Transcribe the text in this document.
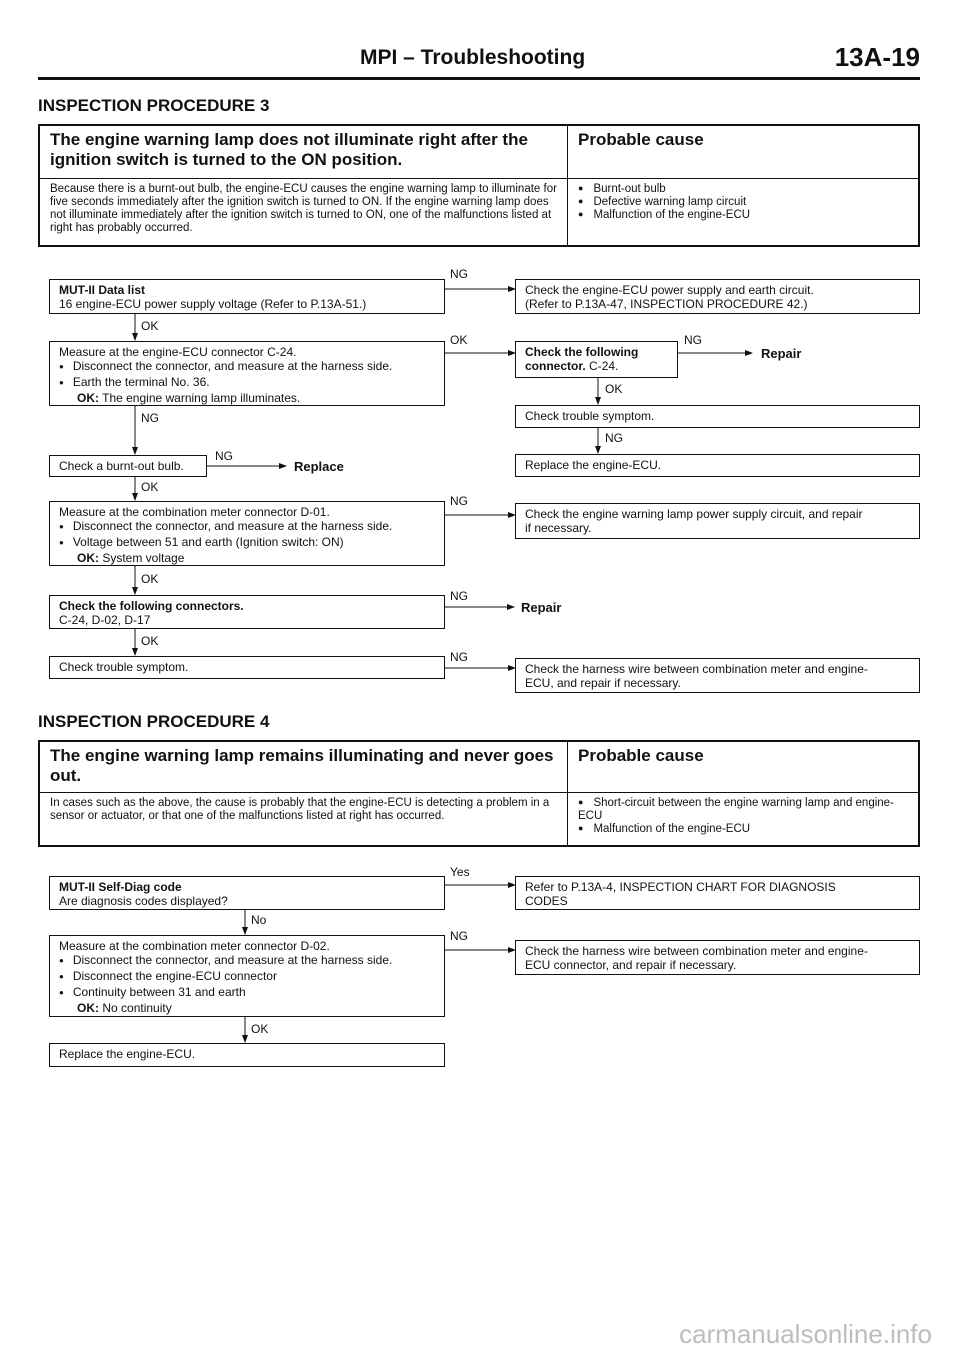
MPI – Troubleshooting	13A-19
INSPECTION PROCEDURE 3
The engine warning lamp does not illuminate right after the ignition switch is turned to the ON position.
Probable cause
Because there is a burnt-out bulb, the engine-ECU causes the engine warning lamp to illuminate for five seconds immediately after the ignition switch is turned to ON. If the engine warning lamp does not illuminate immediately after the ignition switch is turned to ON, one of the malfunctions listed at right has probably occurred.
● Burnt-out bulb
● Defective warning lamp circuit
● Malfunction of the engine-ECU
MUT-II Data list
16 engine-ECU power supply voltage (Refer to P.13A-51.)
NG
Check the engine-ECU power supply and earth circuit.
(Refer to P.13A-47, INSPECTION PROCEDURE 42.)
OK
Measure at the engine-ECU connector C-24.
● Disconnect the connector, and measure at the harness side.
● Earth the terminal No. 36.
OK: The engine warning lamp illuminates.
OK
Check the following
connector. C-24.
NG
Repair
OK
Check trouble symptom.
NG
Replace the engine-ECU.
NG
Check a burnt-out bulb.
NG
Replace
OK
Measure at the combination meter connector D-01.
● Disconnect the connector, and measure at the harness side.
● Voltage between 51 and earth (Ignition switch: ON)
OK: System voltage
NG
Check the engine warning lamp power supply circuit, and repair
if necessary.
OK
Check the following connectors.
C-24, D-02, D-17
NG
Repair
OK
Check trouble symptom.
NG
Check the harness wire between combination meter and engine-
ECU, and repair if necessary.
INSPECTION PROCEDURE 4
The engine warning lamp remains illuminating and never goes out.
Probable cause
In cases such as the above, the cause is probably that the engine-ECU is detecting a problem in a sensor or actuator, or that one of the malfunctions listed at right has occurred.
● Short-circuit between the engine warning lamp and engine-ECU
● Malfunction of the engine-ECU
Yes
MUT-II Self-Diag code
Are diagnosis codes displayed?
Refer to P.13A-4, INSPECTION CHART FOR DIAGNOSIS
CODES
No
Measure at the combination meter connector D-02.
● Disconnect the connector, and measure at the harness side.
● Disconnect the engine-ECU connector
● Continuity between 31 and earth
OK: No continuity
NG
Check the harness wire between combination meter and engine-
ECU connector, and repair if necessary.
OK
Replace the engine-ECU.
carmanualsonline.info
